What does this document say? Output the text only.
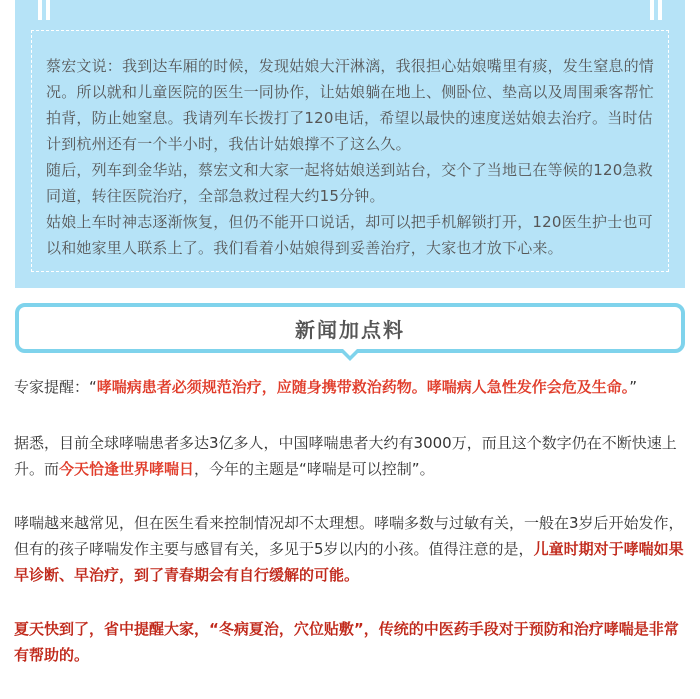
蔡宏文说：我到达车厢的时候，发现姑娘大汗淋漓，我很担心姑娘嘴里有痰，发生窒息的情况。所以就和儿童医院的医生一同协作，让姑娘躺在地上、侧卧位、垫高以及周围乘客帮忙拍背，防止她窒息。我请列车长拨打了120电话，希望以最快的速度送姑娘去治疗。当时估计到杭州还有一个半小时，我估计姑娘撑不了这么久。

随后，列车到金华站，蔡宏文和大家一起将姑娘送到站台，交个了当地已在等候的120急救同道，转往医院治疗，全部急救过程大约15分钟。

姑娘上车时神志逐渐恢复，但仍不能开口说话，却可以把手机解锁打开，120医生护士也可以和她家里人联系上了。我们看着小姑娘得到妥善治疗，大家也才放下心来。

新闻加点料

专家提醒：“哮喘病患者必须规范治疗，应随身携带救治药物。哮喘病人急性发作会危及生命。”

据悉，目前全球哮喘患者多达3亿多人，中国哮喘患者大约有3000万，而且这个数字仍在不断快速上升。而今天恰逢世界哮喘日，今年的主题是“哮喘是可以控制”。

哮喘越来越常见，但在医生看来控制情况却不太理想。哮喘多数与过敏有关，一般在3岁后开始发作，但有的孩子哮喘发作主要与感冒有关，多见于5岁以内的小孩。值得注意的是，儿童时期对于哮喘如果早诊断、早治疗，到了青春期会有自行缓解的可能。

夏天快到了，省中提醒大家，“冬病夏治，穴位贴敷”，传统的中医药手段对于预防和治疗哮喘是非常有帮助的。
